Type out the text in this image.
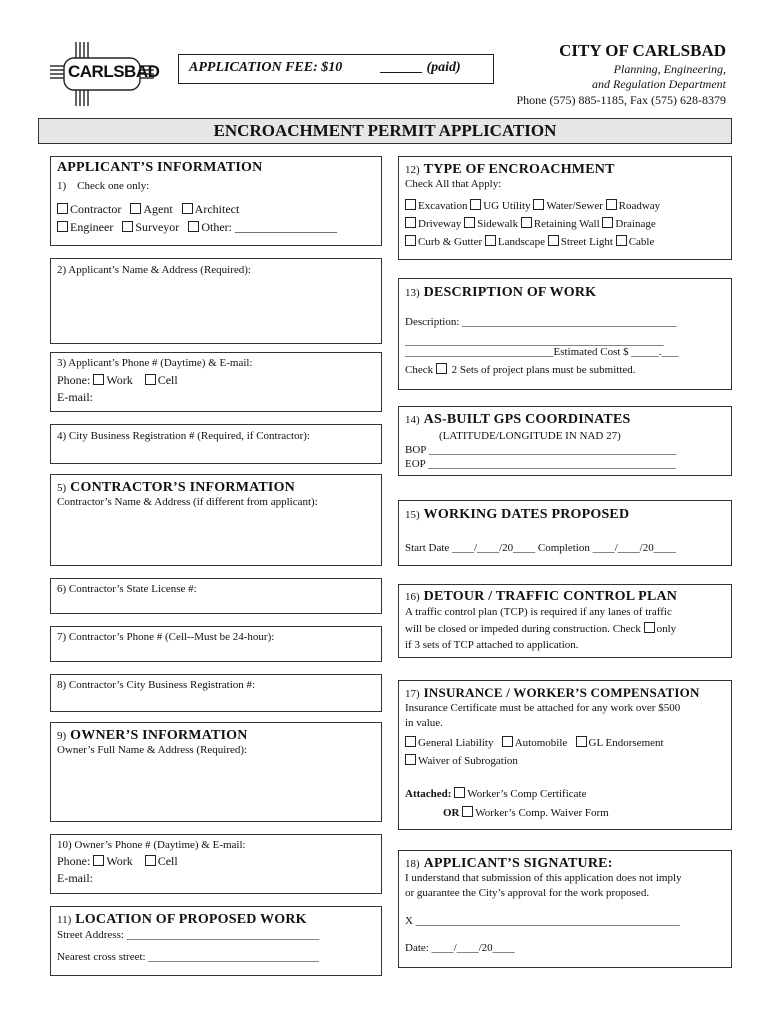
CARLSBAD APPLICATION FEE: $10	______ (paid)
CITY OF CARLSBAD
Planning, Engineering,
and Regulation Department
Phone (575) 885-1185, Fax (575) 628-8379
ENCROACHMENT PERMIT APPLICATION
APPLICANT’S INFORMATION
1) Check one only:
Contractor Agent Architect
Engineer Surveyor Other: _________________
2) Applicant’s Name & Address (Required):
3) Applicant’s Phone # (Daytime) & E-mail:
Phone: Work Cell
E-mail:
4) City Business Registration # (Required, if Contractor):
5) CONTRACTOR’S INFORMATION
Contractor’s Name & Address (if different from applicant):
6) Contractor’s State License #:
7) Contractor’s Phone # (Cell--Must be 24-hour):
8) Contractor’s City Business Registration #:
9) OWNER’S INFORMATION
Owner’s Full Name & Address (Required):
10) Owner’s Phone # (Daytime) & E-mail:
Phone: Work Cell
E-mail:
11) LOCATION OF PROPOSED WORK
Street Address: ___________________________________
Nearest cross street: _______________________________
12) TYPE OF ENCROACHMENT
Check All that Apply:
Excavation UG Utility Water/Sewer Roadway
Driveway Sidewalk Retaining Wall Drainage
Curb & Gutter Landscape Street Light Cable
13) DESCRIPTION OF WORK
Description: _______________________________________
_______________________________________________
___________________________Estimated Cost $ _____.___
Check 2 Sets of project plans must be submitted.
14) AS-BUILT GPS COORDINATES
(LATITUDE/LONGITUDE IN NAD 27)
BOP _____________________________________________
EOP _____________________________________________
15) WORKING DATES PROPOSED
Start Date ____/____/20____ Completion ____/____/20____
16) DETOUR / TRAFFIC CONTROL PLAN
A traffic control plan (TCP) is required if any lanes of traffic
will be closed or impeded during construction. Check only
if 3 sets of TCP attached to application.
17) INSURANCE / WORKER’S COMPENSATION
Insurance Certificate must be attached for any work over $500
in value.
General Liability Automobile GL Endorsement
Waiver of Subrogation
Attached: Worker’s Comp Certificate
OR Worker’s Comp. Waiver Form
18) APPLICANT’S SIGNATURE:
I understand that submission of this application does not imply
or guarantee the City’s approval for the work proposed.
X ________________________________________________
Date: ____/____/20____
